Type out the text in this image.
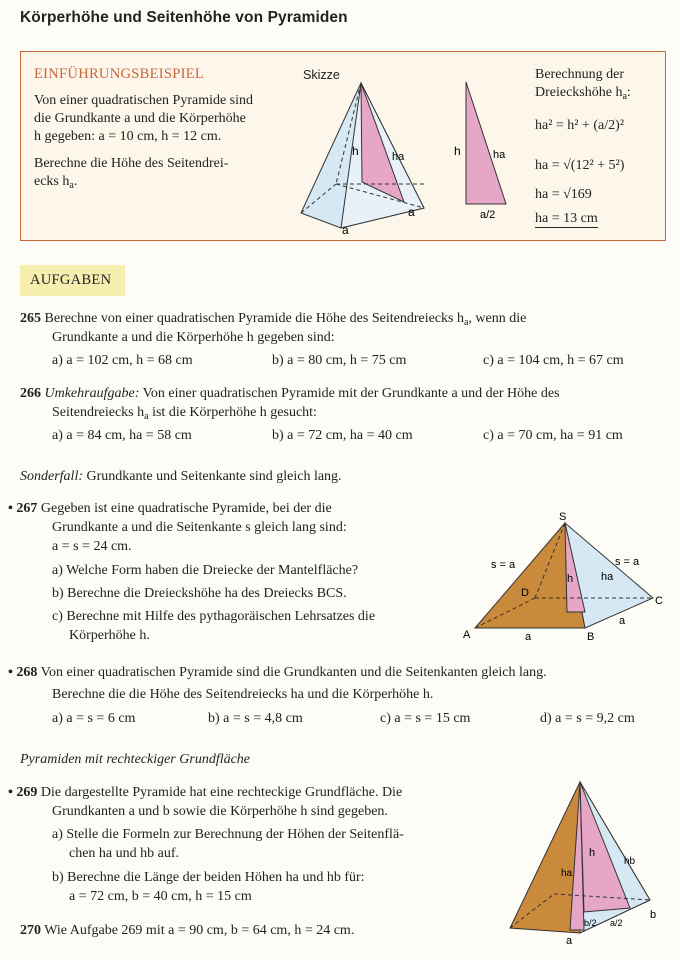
Körperhöhe und Seitenhöhe von Pyramiden
EINFÜHRUNGSBEISPIEL
Von einer quadratischen Pyramide sind
die Grundkante a und die Körperhöhe
h gegeben: a = 10 cm, h = 12 cm.
Berechne die Höhe des Seitendrei-
ecks $h_a$.
Skizze
h	ha
a
a
h	ha
a/2
Berechnung der
Dreieckshöhe $h_a$:
ha² = h² + (a/2)²
ha = √(12² + 5²)
ha = √169
ha = 13 cm
AUFGABEN
265 Berechne von einer quadratischen Pyramide die Höhe des Seitendreiecks $h_a$, wenn die
Grundkante a und die Körperhöhe h gegeben sind:
a) a = 102 cm, h = 68 cm	b) a = 80 cm, h = 75 cm	c) a = 104 cm, h = 67 cm
266 Umkehraufgabe: Von einer quadratischen Pyramide mit der Grundkante a und der Höhe des
Seitendreiecks $h_a$ ist die Körperhöhe h gesucht:
a) a = 84 cm, ha = 58 cm	b) a = 72 cm, ha = 40 cm	c) a = 70 cm, ha = 91 cm
Sonderfall: Grundkante und Seitenkante sind gleich lang.
• 267 Gegeben ist eine quadratische Pyramide, bei der die
Grundkante a und die Seitenkante s gleich lang sind:
a = s = 24 cm.
a) Welche Form haben die Dreiecke der Mantelfläche?
b) Berechne die Dreieckshöhe ha des Dreiecks BCS.
c) Berechne mit Hilfe des pythagoräischen Lehrsatzes die
Körperhöhe h.
S
A	B
C
D
s = a	s = a
h	ha
a
a
• 268 Von einer quadratischen Pyramide sind die Grundkanten und die Seitenkanten gleich lang.
Berechne die die Höhe des Seitendreiecks ha und die Körperhöhe h.
a) a = s = 6 cm	b) a = s = 4,8 cm	c) a = s = 15 cm	d) a = s = 9,2 cm
Pyramiden mit rechteckiger Grundfläche
• 269 Die dargestellte Pyramide hat eine rechteckige Grundfläche. Die
Grundkanten a und b sowie die Körperhöhe h sind gegeben.
a) Stelle die Formeln zur Berechnung der Höhen der Seitenflä-
chen ha und hb auf.
b) Berechne die Länge der beiden Höhen ha und hb für:
a = 72 cm, b = 40 cm, h = 15 cm
h
ha
hb
a
b
b/2 a/2
270 Wie Aufgabe 269 mit a = 90 cm, b = 64 cm, h = 24 cm.
